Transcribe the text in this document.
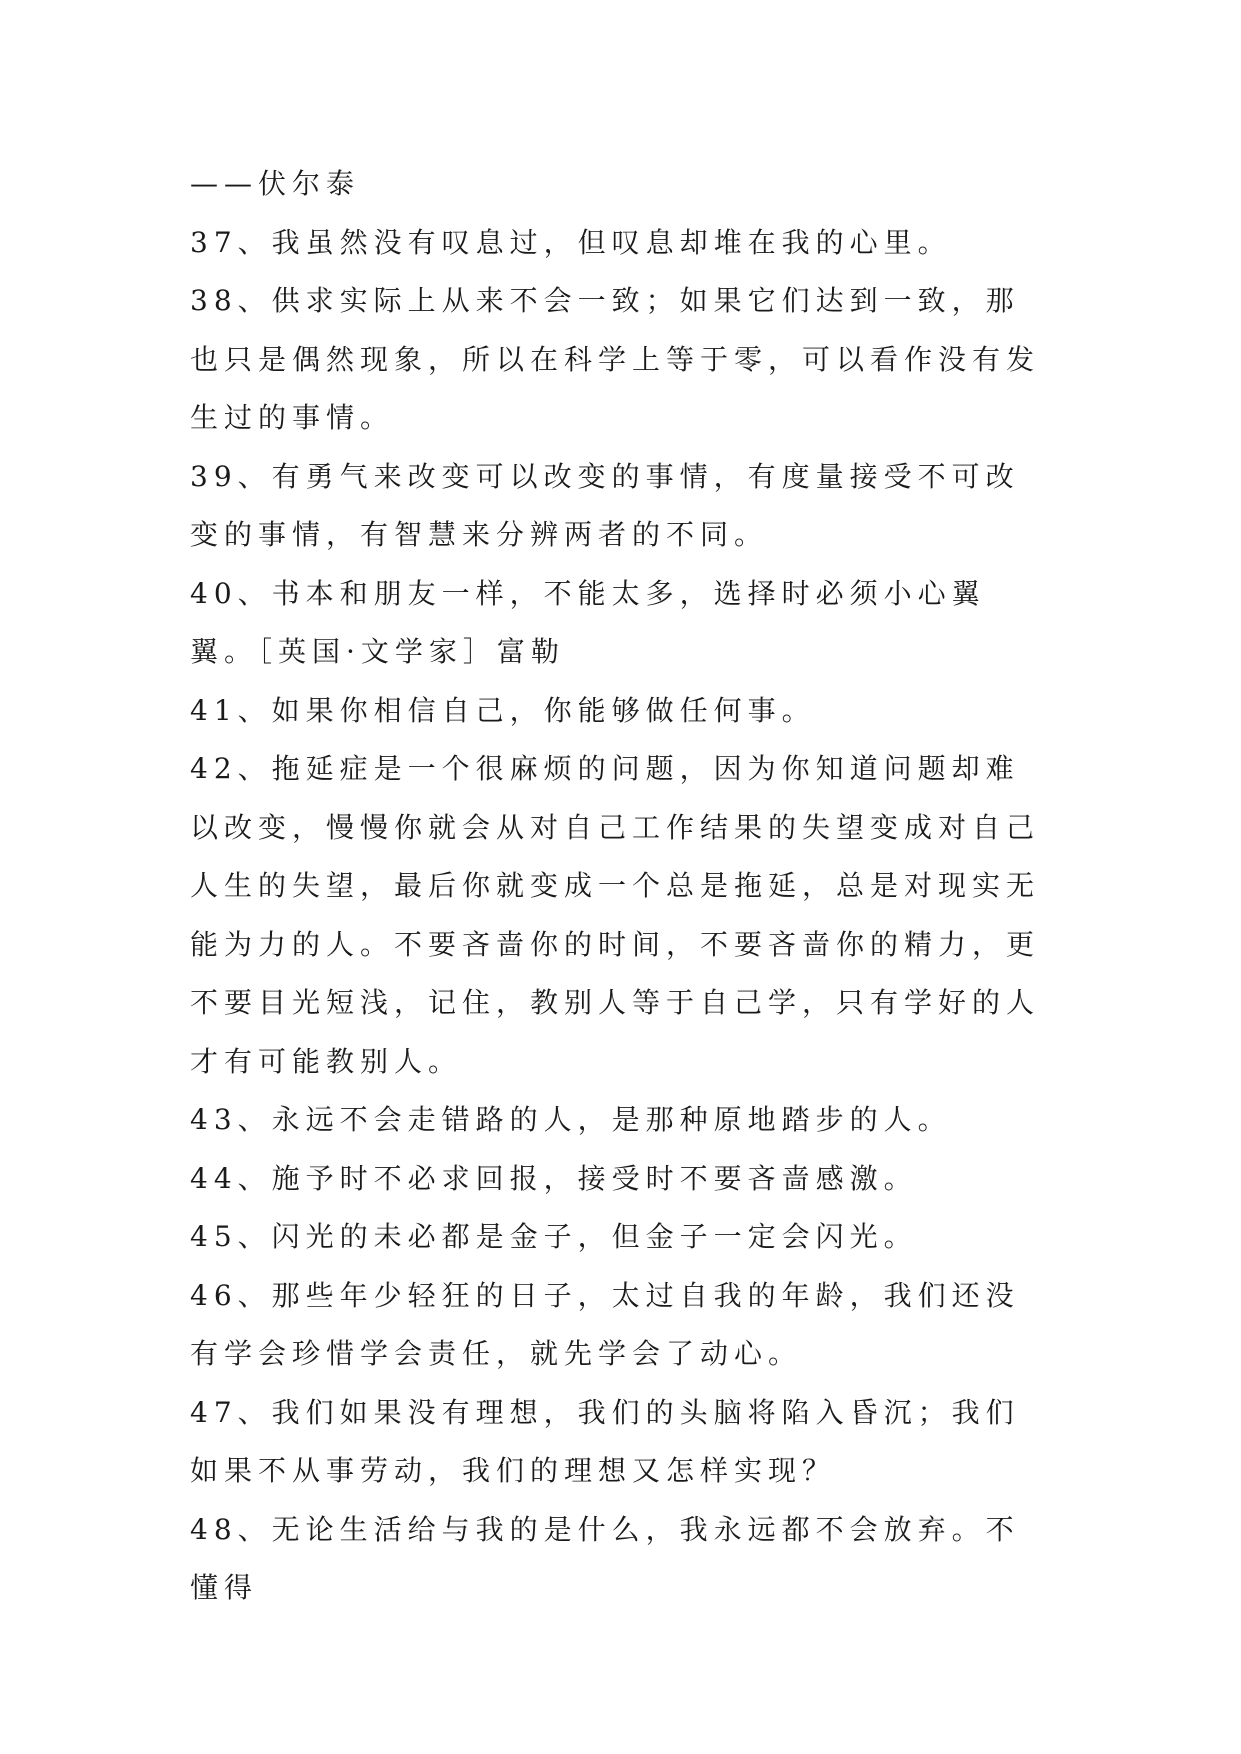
——伏尔泰

37、我虽然没有叹息过，但叹息却堆在我的心里。

38、供求实际上从来不会一致；如果它们达到一致，那也只是偶然现象，所以在科学上等于零，可以看作没有发生过的事情。

39、有勇气来改变可以改变的事情，有度量接受不可改变的事情，有智慧来分辨两者的不同。

40、书本和朋友一样，不能太多，选择时必须小心翼翼。［英国·文学家］富勒

41、如果你相信自己，你能够做任何事。

42、拖延症是一个很麻烦的问题，因为你知道问题却难以改变，慢慢你就会从对自己工作结果的失望变成对自己人生的失望，最后你就变成一个总是拖延，总是对现实无能为力的人。不要吝啬你的时间，不要吝啬你的精力，更不要目光短浅，记住，教别人等于自己学，只有学好的人才有可能教别人。

43、永远不会走错路的人，是那种原地踏步的人。

44、施予时不必求回报，接受时不要吝啬感激。

45、闪光的未必都是金子，但金子一定会闪光。

46、那些年少轻狂的日子，太过自我的年龄，我们还没有学会珍惜学会责任，就先学会了动心。

47、我们如果没有理想，我们的头脑将陷入昏沉；我们如果不从事劳动，我们的理想又怎样实现？

48、无论生活给与我的是什么，我永远都不会放弃。不懂得
